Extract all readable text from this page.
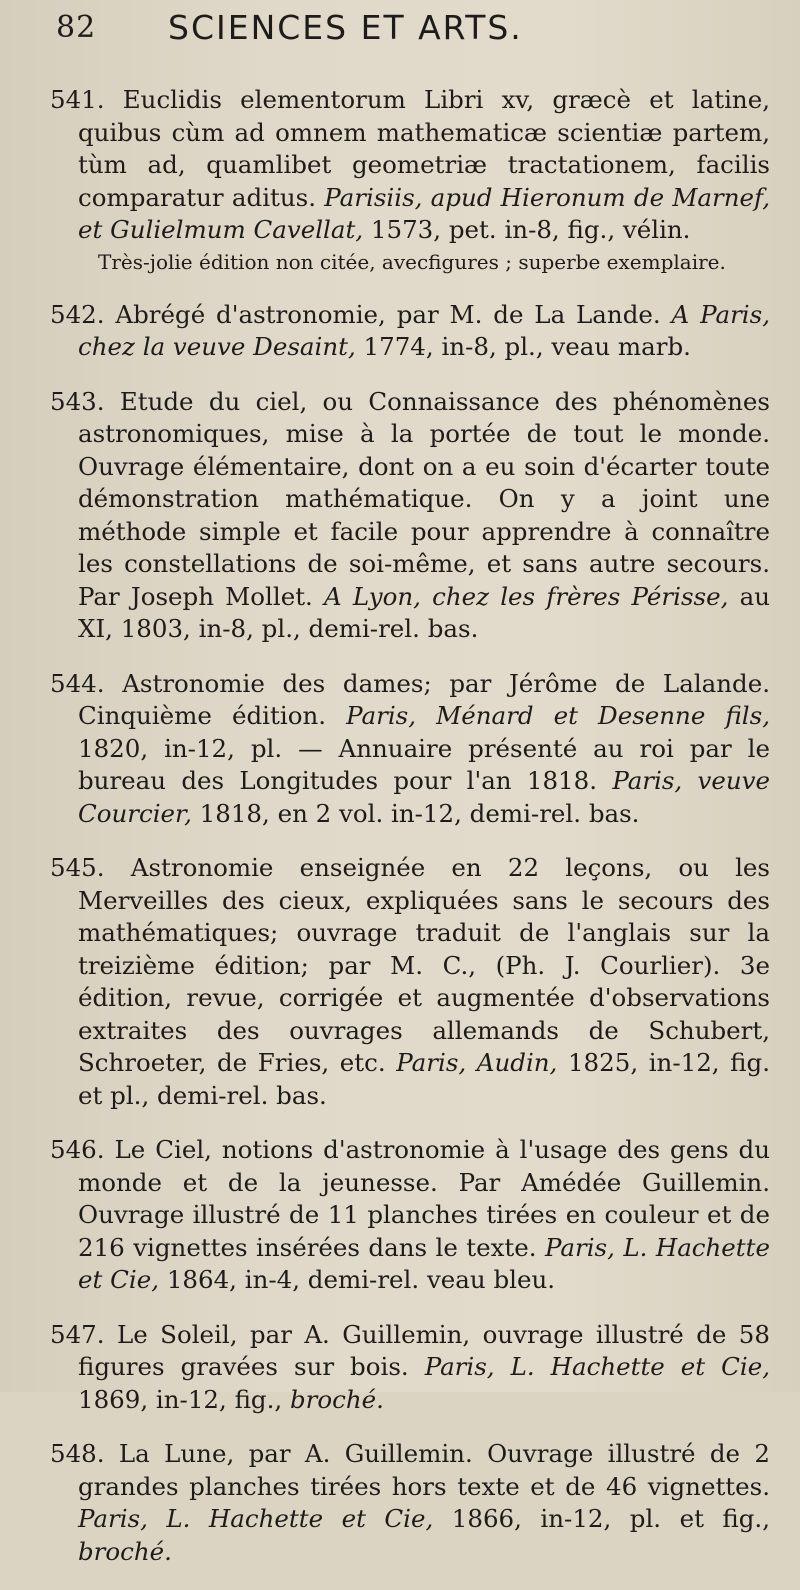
82 SCIENCES ET ARTS.

541. Euclidis elementorum Libri xv, græcè et latine, quibus cùm ad omnem mathematicæ scientiæ partem, tùm ad, quamlibet geometriæ tractationem, facilis comparatur aditus. Parisiis, apud Hieronum de Marnef, et Gulielmum Cavellat, 1573, pet. in-8, fig., vélin.
Très-jolie édition non citée, avecfigures ; superbe exemplaire.

542. Abrégé d'astronomie, par M. de La Lande. A Paris, chez la veuve Desaint, 1774, in-8, pl., veau marb.

543. Etude du ciel, ou Connaissance des phénomènes astronomiques, mise à la portée de tout le monde. Ouvrage élémentaire, dont on a eu soin d'écarter toute démonstration mathématique. On y a joint une méthode simple et facile pour apprendre à connaître les constellations de soi-même, et sans autre secours. Par Joseph Mollet. A Lyon, chez les frères Périsse, au XI, 1803, in-8, pl., demi-rel. bas.

544. Astronomie des dames; par Jérôme de Lalande. Cinquième édition. Paris, Ménard et Desenne fils, 1820, in-12, pl. — Annuaire présenté au roi par le bureau des Longitudes pour l'an 1818. Paris, veuve Courcier, 1818, en 2 vol. in-12, demi-rel. bas.

545. Astronomie enseignée en 22 leçons, ou les Merveilles des cieux, expliquées sans le secours des mathématiques; ouvrage traduit de l'anglais sur la treizième édition; par M. C., (Ph. J. Courlier). 3e édition, revue, corrigée et augmentée d'observations extraites des ouvrages allemands de Schubert, Schroeter, de Fries, etc. Paris, Audin, 1825, in-12, fig. et pl., demi-rel. bas.

546. Le Ciel, notions d'astronomie à l'usage des gens du monde et de la jeunesse. Par Amédée Guillemin. Ouvrage illustré de 11 planches tirées en couleur et de 216 vignettes insérées dans le texte. Paris, L. Hachette et Cie, 1864, in-4, demi-rel. veau bleu.

547. Le Soleil, par A. Guillemin, ouvrage illustré de 58 figures gravées sur bois. Paris, L. Hachette et Cie, 1869, in-12, fig., broché.

548. La Lune, par A. Guillemin. Ouvrage illustré de 2 grandes planches tirées hors texte et de 46 vignettes. Paris, L. Hachette et Cie, 1866, in-12, pl. et fig., broché.
